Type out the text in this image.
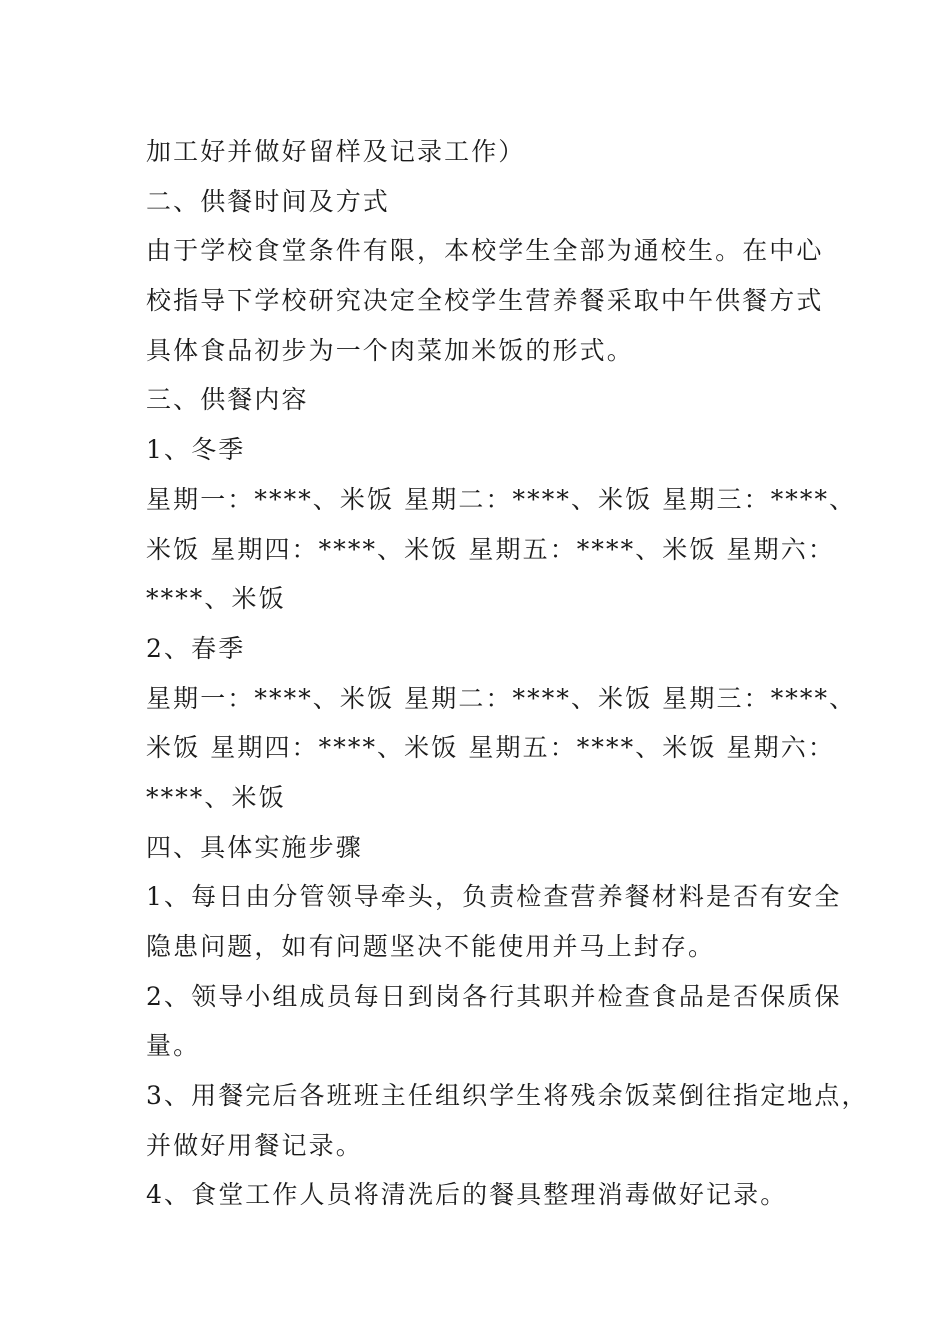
加工好并做好留样及记录工作）
二、供餐时间及方式
由于学校食堂条件有限，本校学生全部为通校生。在中心
校指导下学校研究决定全校学生营养餐采取中午供餐方式
具体食品初步为一个肉菜加米饭的形式。
三、供餐内容
1、冬季
星期一：****、米饭 星期二：****、米饭 星期三：****、
米饭 星期四：****、米饭 星期五：****、米饭 星期六：
****、米饭
2、春季
星期一：****、米饭 星期二：****、米饭 星期三：****、
米饭 星期四：****、米饭 星期五：****、米饭 星期六：
****、米饭
四、具体实施步骤
1、每日由分管领导牵头，负责检查营养餐材料是否有安全
隐患问题，如有问题坚决不能使用并马上封存。
2、领导小组成员每日到岗各行其职并检查食品是否保质保
量。
3、用餐完后各班班主任组织学生将残余饭菜倒往指定地点，
并做好用餐记录。
4、食堂工作人员将清洗后的餐具整理消毒做好记录。
